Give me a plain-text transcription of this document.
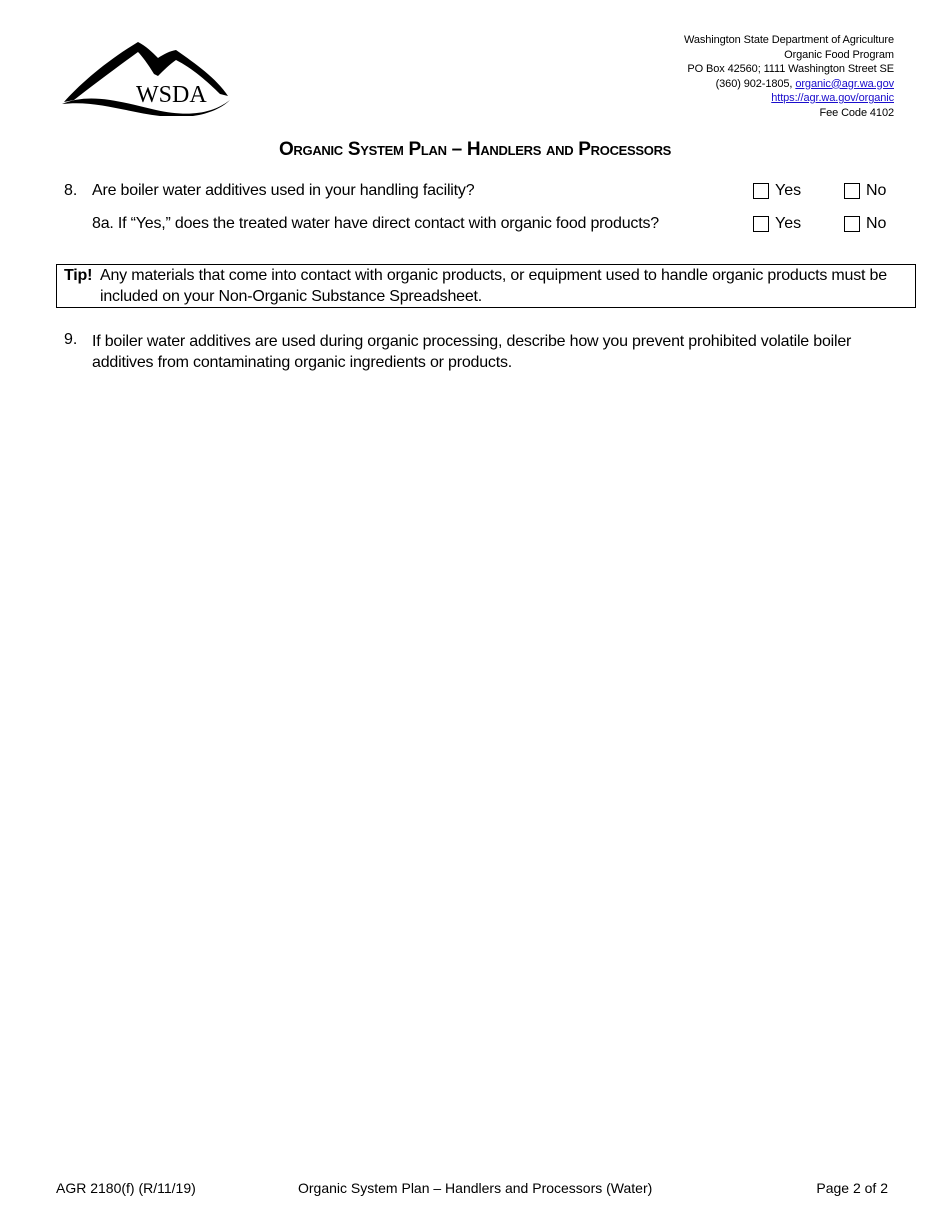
WSDA
Washington State Department of Agriculture
Organic Food Program
PO Box 42560; 1111 Washington Street SE
(360) 902-1805, organic@agr.wa.gov
https://agr.wa.gov/organic
Fee Code 4102
Organic System Plan – Handlers and Processors
8. Are boiler water additives used in your handling facility?	Yes	No
8a. If “Yes,” does the treated water have direct contact with organic food products?	Yes	No
Tip! Any materials that come into contact with organic products, or equipment used to handle organic products must be
included on your Non-Organic Substance Spreadsheet.
9. If boiler water additives are used during organic processing, describe how you prevent prohibited volatile boiler additives from contaminating organic ingredients or products.
AGR 2180(f) (R/11/19)	Organic System Plan – Handlers and Processors (Water)	Page 2 of 2
